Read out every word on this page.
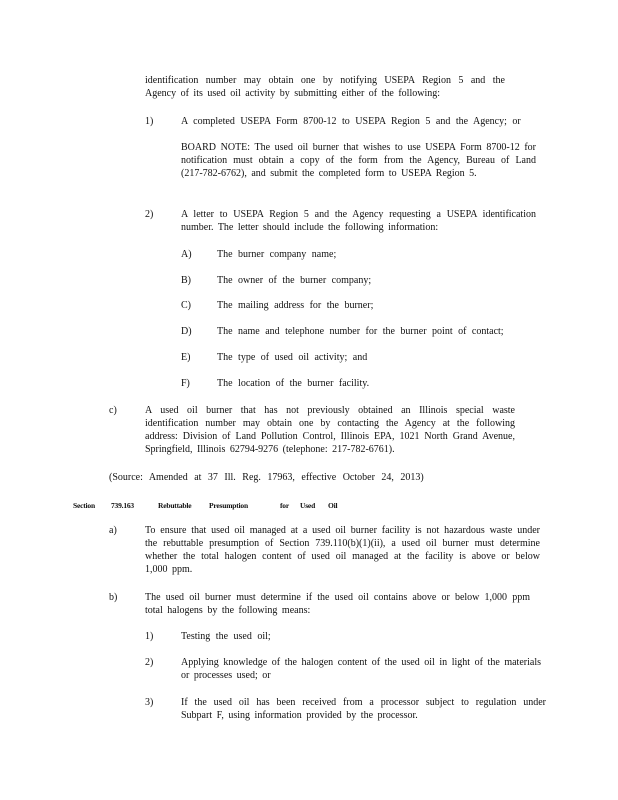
identification number may obtain one by notifying USEPA Region 5 and the Agency of its used oil activity by submitting either of the following:

1)	A completed USEPA Form 8700-12 to USEPA Region 5 and the Agency; or

BOARD NOTE: The used oil burner that wishes to use USEPA Form 8700-12 for notification must obtain a copy of the form from the Agency, Bureau of Land (217-782-6762), and submit the completed form to USEPA Region 5.

2)	A letter to USEPA Region 5 and the Agency requesting a USEPA identification number. The letter should include the following information:

A)	The burner company name;

B)	The owner of the burner company;

C)	The mailing address for the burner;

D)	The name and telephone number for the burner point of contact;

E)	The type of used oil activity; and

F)	The location of the burner facility.

c)	A used oil burner that has not previously obtained an Illinois special waste identification number may obtain one by contacting the Agency at the following address: Division of Land Pollution Control, Illinois EPA, 1021 North Grand Avenue, Springfield, Illinois 62794-9276 (telephone: 217-782-6761).

(Source: Amended at 37 Ill. Reg. 17963, effective October 24, 2013)

Section 739.163	Rebuttable Presumption	for Used Oil
a)	To ensure that used oil managed at a used oil burner facility is not hazardous waste under the rebuttable presumption of Section 739.110(b)(1)(ii), a used oil burner must determine whether the total halogen content of used oil managed at the facility is above or below 1,000 ppm.

b)	The used oil burner must determine if the used oil contains above or below 1,000 ppm total halogens by the following means:

1)	Testing the used oil;

2)	Applying knowledge of the halogen content of the used oil in light of the materials or processes used; or

3)	If the used oil has been received from a processor subject to regulation under Subpart F, using information provided by the processor.
